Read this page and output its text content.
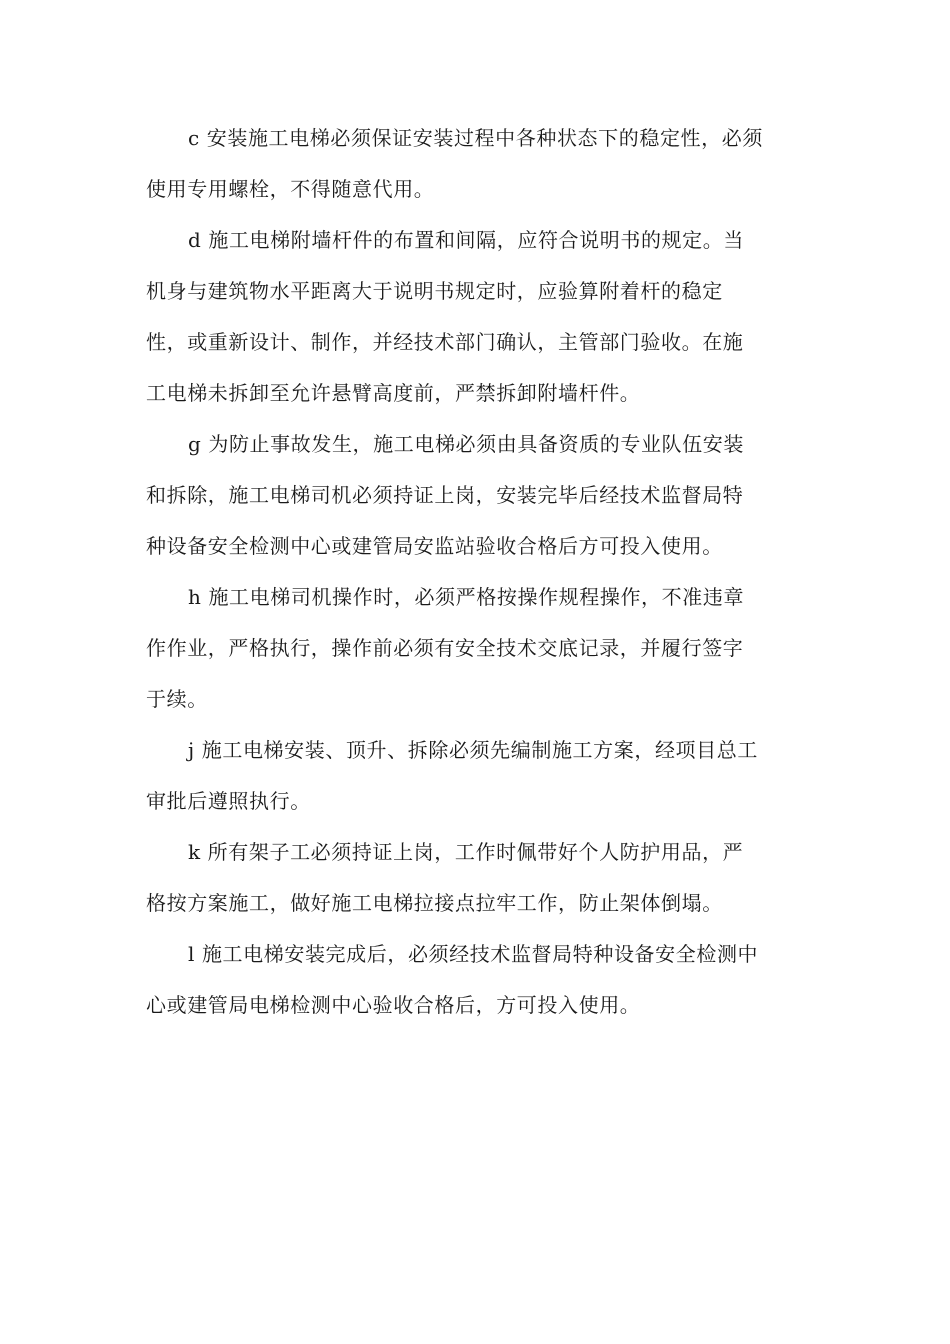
c 安装施工电梯必须保证安装过程中各种状态下的稳定性，必须
使用专用螺栓，不得随意代用。
d 施工电梯附墙杆件的布置和间隔，应符合说明书的规定。当
机身与建筑物水平距离大于说明书规定时，应验算附着杆的稳定
性，或重新设计、制作，并经技术部门确认，主管部门验收。在施
工电梯未拆卸至允许悬臂高度前，严禁拆卸附墙杆件。
g 为防止事故发生，施工电梯必须由具备资质的专业队伍安装
和拆除，施工电梯司机必须持证上岗，安装完毕后经技术监督局特
种设备安全检测中心或建管局安监站验收合格后方可投入使用。
h 施工电梯司机操作时，必须严格按操作规程操作，不准违章
作作业，严格执行，操作前必须有安全技术交底记录，并履行签字
于续。
j 施工电梯安装、顶升、拆除必须先编制施工方案，经项目总工
审批后遵照执行。
k 所有架子工必须持证上岗，工作时佩带好个人防护用品，严
格按方案施工，做好施工电梯拉接点拉牢工作，防止架体倒塌。
l 施工电梯安装完成后，必须经技术监督局特种设备安全检测中
心或建管局电梯检测中心验收合格后，方可投入使用。
